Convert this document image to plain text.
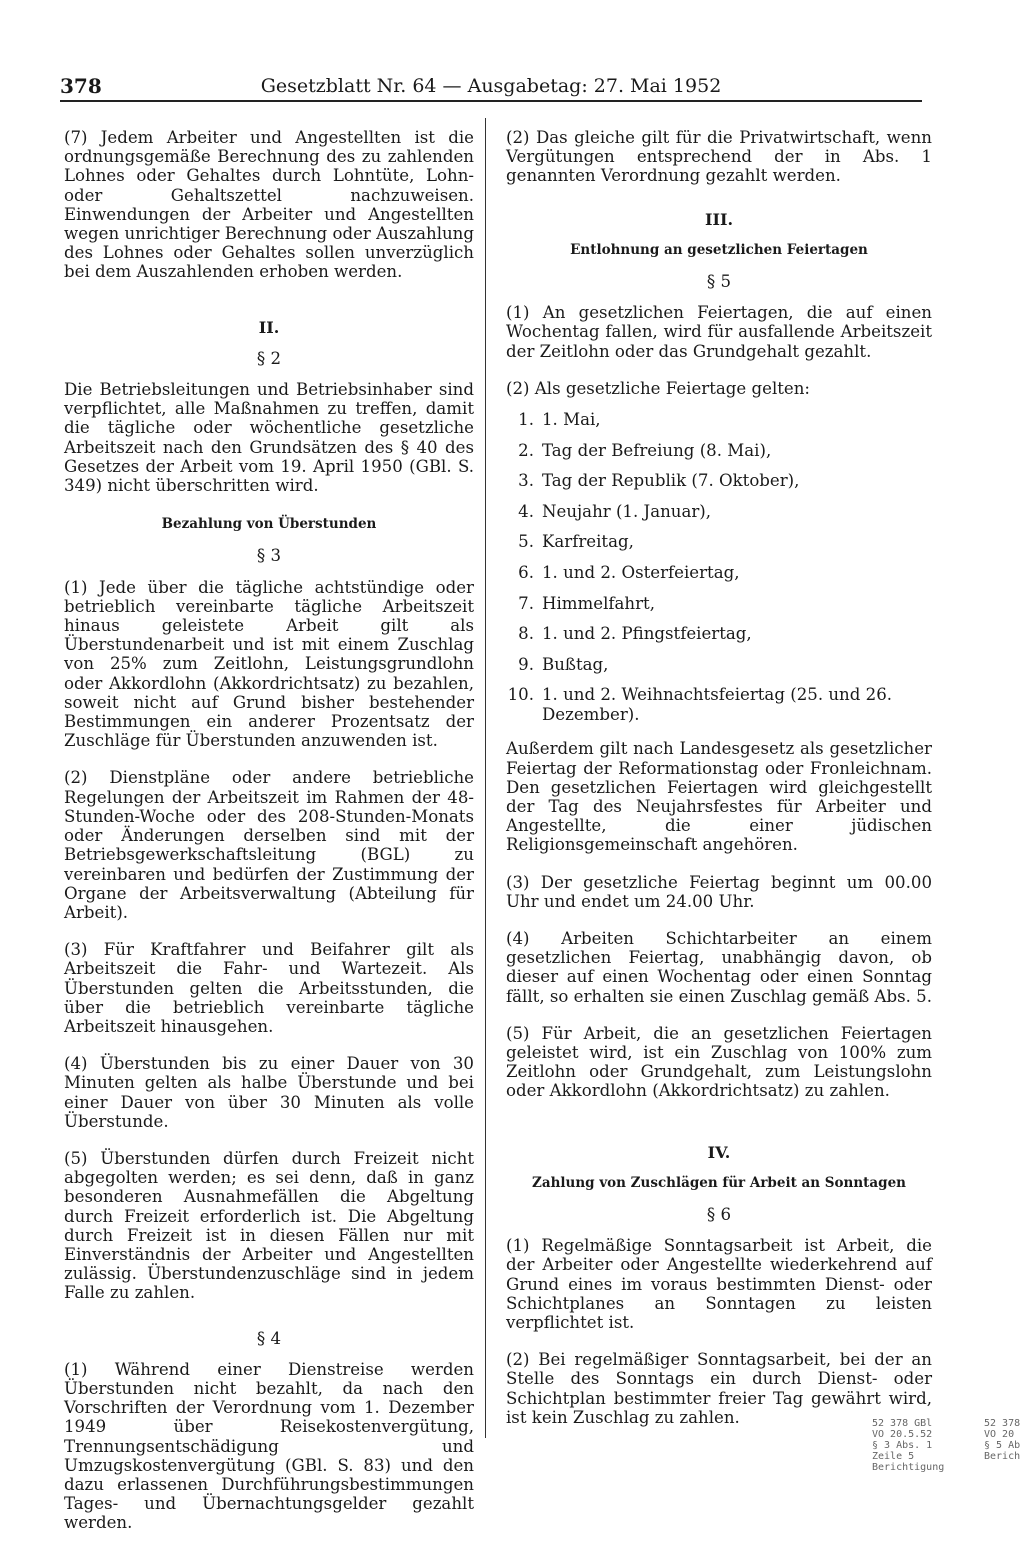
378	Gesetzblatt Nr. 64 — Ausgabetag: 27. Mai 1952

(7) Jedem Arbeiter und Angestellten ist die ordnungsgemäße Berechnung des zu zahlenden Lohnes oder Gehaltes durch Lohntüte, Lohn- oder Gehaltszettel nachzuweisen. Einwendungen der Arbeiter und Angestellten wegen unrichtiger Berechnung oder Auszahlung des Lohnes oder Gehaltes sollen unverzüglich bei dem Auszahlenden erhoben werden.

II.
§ 2

Die Betriebsleitungen und Betriebsinhaber sind verpflichtet, alle Maßnahmen zu treffen, damit die tägliche oder wöchentliche gesetzliche Arbeitszeit nach den Grundsätzen des § 40 des Gesetzes der Arbeit vom 19. April 1950 (GBl. S. 349) nicht überschritten wird.

Bezahlung von Überstunden
§ 3

(1) Jede über die tägliche achtstündige oder betrieblich vereinbarte tägliche Arbeitszeit hinaus geleistete Arbeit gilt als Überstundenarbeit und ist mit einem Zuschlag von 25% zum Zeitlohn, Leistungsgrundlohn oder Akkordlohn (Akkordrichtsatz) zu bezahlen, soweit nicht auf Grund bisher bestehender Bestimmungen ein anderer Prozentsatz der Zuschläge für Überstunden anzuwenden ist.

(2) Dienstpläne oder andere betriebliche Regelungen der Arbeitszeit im Rahmen der 48-Stunden-Woche oder des 208-Stunden-Monats oder Änderungen derselben sind mit der Betriebsgewerkschaftsleitung (BGL) zu vereinbaren und bedürfen der Zustimmung der Organe der Arbeitsverwaltung (Abteilung für Arbeit).

(3) Für Kraftfahrer und Beifahrer gilt als Arbeitszeit die Fahr- und Wartezeit. Als Überstunden gelten die Arbeitsstunden, die über die betrieblich vereinbarte tägliche Arbeitszeit hinausgehen.

(4) Überstunden bis zu einer Dauer von 30 Minuten gelten als halbe Überstunde und bei einer Dauer von über 30 Minuten als volle Überstunde.

(5) Überstunden dürfen durch Freizeit nicht abgegolten werden; es sei denn, daß in ganz besonderen Ausnahmefällen die Abgeltung durch Freizeit erforderlich ist. Die Abgeltung durch Freizeit ist in diesen Fällen nur mit Einverständnis der Arbeiter und Angestellten zulässig. Überstundenzuschläge sind in jedem Falle zu zahlen.

§ 4

(1) Während einer Dienstreise werden Überstunden nicht bezahlt, da nach den Vorschriften der Verordnung vom 1. Dezember 1949 über Reisekostenvergütung, Trennungsentschädigung und Umzugskostenvergütung (GBl. S. 83) und den dazu erlassenen Durchführungsbestimmungen Tages- und Übernachtungsgelder gezahlt werden.

(2) Das gleiche gilt für die Privatwirtschaft, wenn Vergütungen entsprechend der in Abs. 1 genannten Verordnung gezahlt werden.

III.
Entlohnung an gesetzlichen Feiertagen
§ 5

(1) An gesetzlichen Feiertagen, die auf einen Wochentag fallen, wird für ausfallende Arbeitszeit der Zeitlohn oder das Grundgehalt gezahlt.

(2) Als gesetzliche Feiertage gelten:

1. 1. Mai,
2. Tag der Befreiung (8. Mai),
3. Tag der Republik (7. Oktober),
4. Neujahr (1. Januar),
5. Karfreitag,
6. 1. und 2. Osterfeiertag,
7. Himmelfahrt,
8. 1. und 2. Pfingstfeiertag,
9. Bußtag,
10. 1. und 2. Weihnachtsfeiertag (25. und 26. Dezember).

Außerdem gilt nach Landesgesetz als gesetzlicher Feiertag der Reformationstag oder Fronleichnam. Den gesetzlichen Feiertagen wird gleichgestellt der Tag des Neujahrsfestes für Arbeiter und Angestellte, die einer jüdischen Religionsgemeinschaft angehören.

(3) Der gesetzliche Feiertag beginnt um 00.00 Uhr und endet um 24.00 Uhr.

(4) Arbeiten Schichtarbeiter an einem gesetzlichen Feiertag, unabhängig davon, ob dieser auf einen Wochentag oder einen Sonntag fällt, so erhalten sie einen Zuschlag gemäß Abs. 5.

(5) Für Arbeit, die an gesetzlichen Feiertagen geleistet wird, ist ein Zuschlag von 100% zum Zeitlohn oder Grundgehalt, zum Leistungslohn oder Akkordlohn (Akkordrichtsatz) zu zahlen.

IV.
Zahlung von Zuschlägen für Arbeit an Sonntagen
§ 6

(1) Regelmäßige Sonntagsarbeit ist Arbeit, die der Arbeiter oder Angestellte wiederkehrend auf Grund eines im voraus bestimmten Dienst- oder Schichtplanes an Sonntagen zu leisten verpflichtet ist.

(2) Bei regelmäßiger Sonntagsarbeit, bei der an Stelle des Sonntags ein durch Dienst- oder Schichtplan bestimmter freier Tag gewährt wird, ist kein Zuschlag zu zahlen.	52 378 GBl
VO 20.5.52
§ 3 Abs. 1
Zeile 5
Berichtigung
52 378
VO 20
§ 5 Ab
Berich
